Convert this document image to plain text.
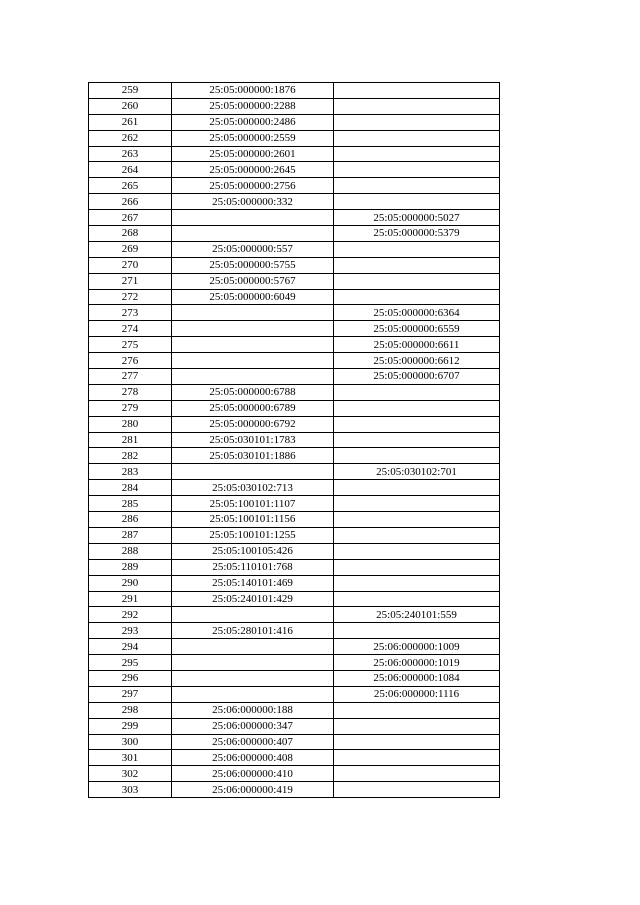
259	25:05:000000:1876	
260	25:05:000000:2288	
261	25:05:000000:2486	
262	25:05:000000:2559	
263	25:05:000000:2601	
264	25:05:000000:2645	
265	25:05:000000:2756	
266	25:05:000000:332	
267		25:05:000000:5027
268		25:05:000000:5379
269	25:05:000000:557	
270	25:05:000000:5755	
271	25:05:000000:5767	
272	25:05:000000:6049	
273		25:05:000000:6364
274		25:05:000000:6559
275		25:05:000000:6611
276		25:05:000000:6612
277		25:05:000000:6707
278	25:05:000000:6788	
279	25:05:000000:6789	
280	25:05:000000:6792	
281	25:05:030101:1783	
282	25:05:030101:1886	
283		25:05:030102:701
284	25:05:030102:713	
285	25:05:100101:1107	
286	25:05:100101:1156	
287	25:05:100101:1255	
288	25:05:100105:426	
289	25:05:110101:768	
290	25:05:140101:469	
291	25:05:240101:429	
292		25:05:240101:559
293	25:05:280101:416	
294		25:06:000000:1009
295		25:06:000000:1019
296		25:06:000000:1084
297		25:06:000000:1116
298	25:06:000000:188	
299	25:06:000000:347	
300	25:06:000000:407	
301	25:06:000000:408	
302	25:06:000000:410	
303	25:06:000000:419	
